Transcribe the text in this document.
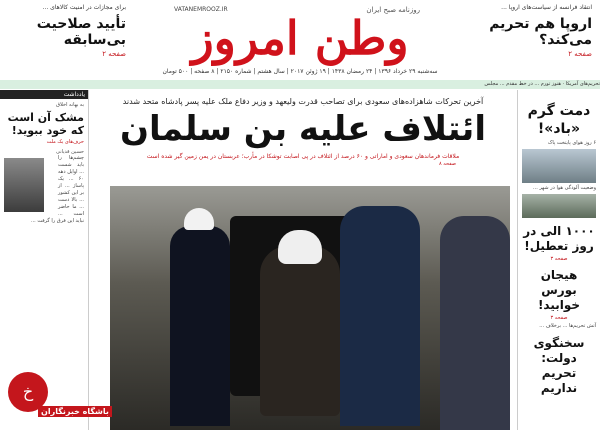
انتقاد فرانسه از سیاست‌های اروپا ...
اروپا هم تحریم می‌کند؟
صفحه ۲
روزنامه صبح ایران
VATANEMROOZ.IR
وطن امروز
سه‌شنبه ۲۹ خرداد ۱۳۹۶ | ۲۴ رمضان ۱۴۳۸ | ۱۹ ژوئن ۲۰۱۷ | سال هشتم | شماره ۲۱۵۰ | ۸ صفحه | ۵۰۰ تومان
برای مجازات در امنیت کالاهای ...
تأیید صلاحیت بی‌سابقه
صفحه ۲
تحریم‌های آمریکا · هنوز تورم ... در خط مقدم ... مجلس
دمت گرم «باد»!
۶ روز هوای پایتخت پاک
وضعیت آلودگی هوا در شهر ...
۱۰۰۰ الی در روز تعطیل!
صفحه ۳
هیجان بورس خوابید!
صفحه ۳
آتش تحریم‌ها ... برخلاف ...
سخنگوی دولت: تحریم نداریم
آخرین تحرکات شاهزاده‌های سعودی برای تصاحب قدرت ولیعهد و وزیر دفاع ملک علیه پسر پادشاه متحد شدند
ائتلاف علیه بن سلمان
ملاقات فرماندهان سعودی و اماراتی و ۶۰ درصد از ائتلاف در پی اصابت توشکا در مأرب؛ عربستان در یمن زمین گیر شده است
صفحه ۸
یادداشت
به بهانه اخلاق
مشک آن است که خود ببوید!
حرف‌های یک ملت
حسین قدیانی
چشم‌ها را باید شست ... اوایل دهه ۶۰ ... یک پاساژ ... از بر این کشور ... بالا دست ... ما حاضر است ... نباید این فرق را گرفت ...
خ
باشگاه خبرنگاران
